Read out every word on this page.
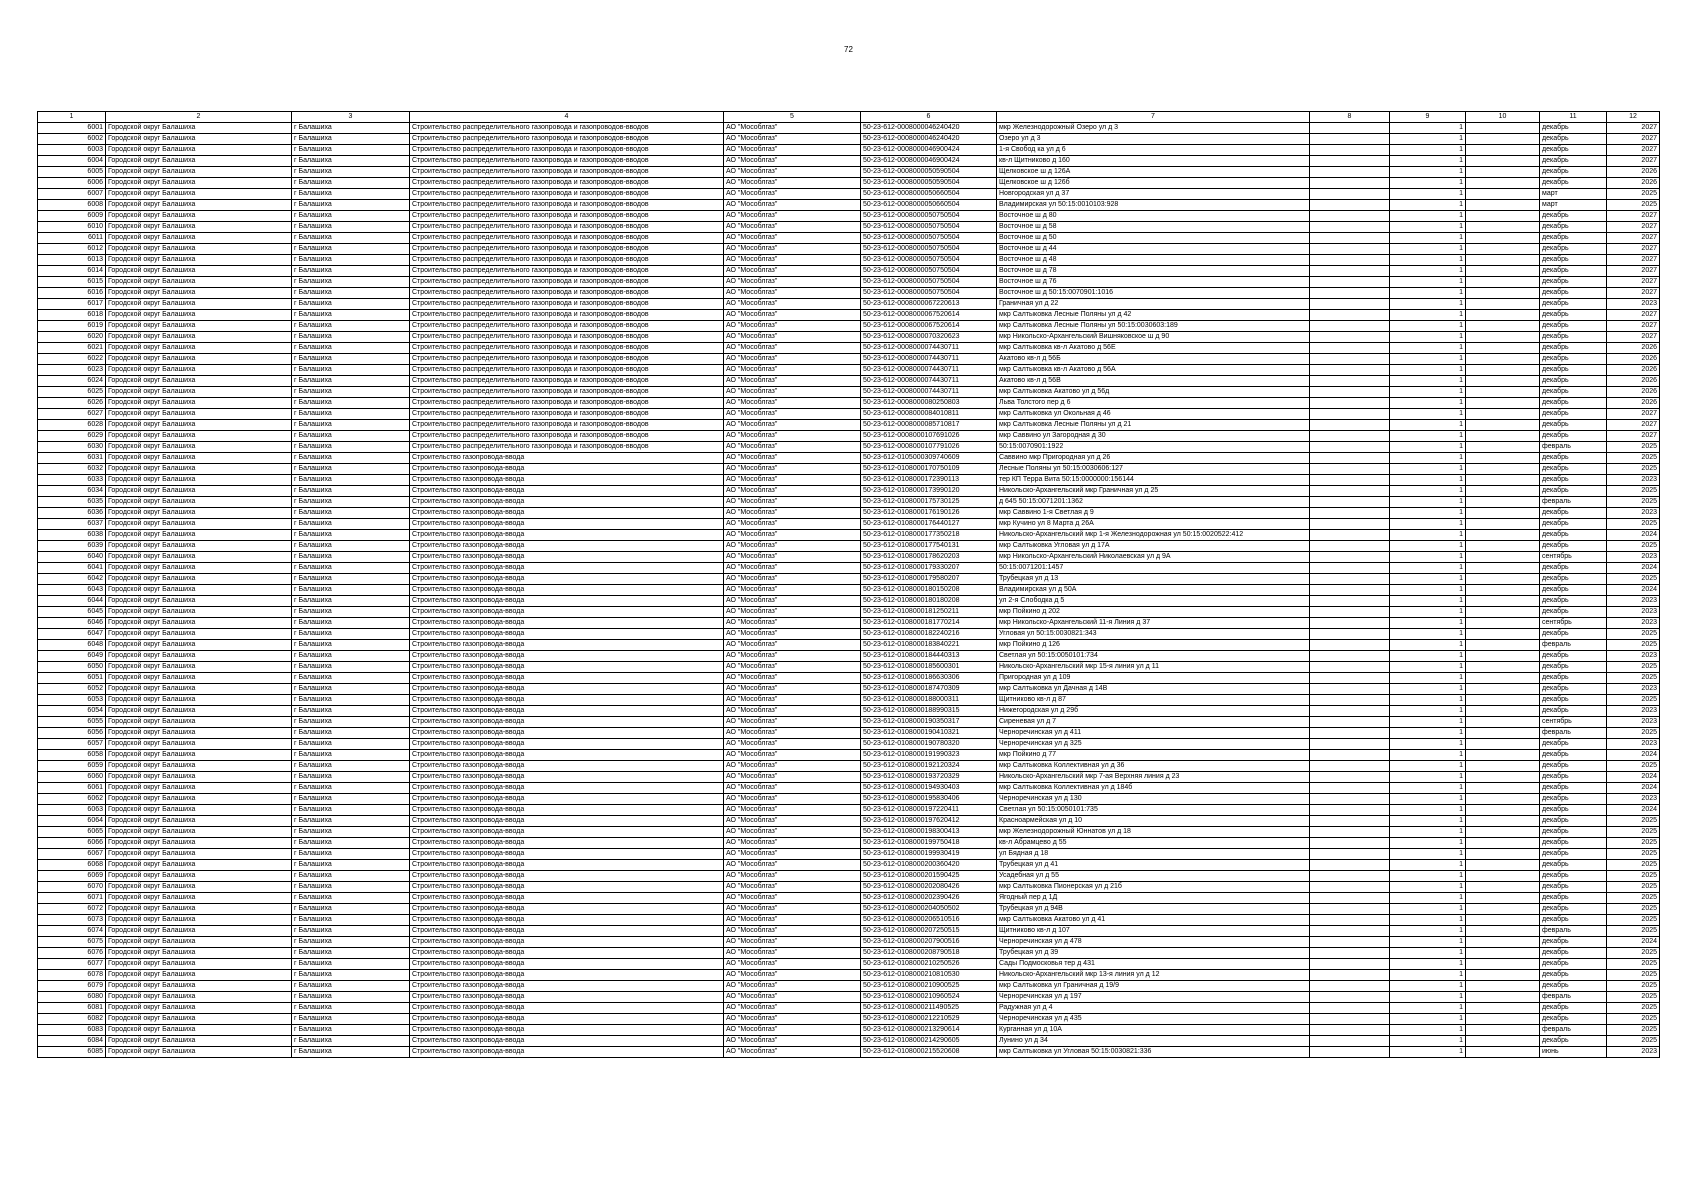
72
1	2	3	4	5	6	7	8	9	10	11	12
6001	Городской округ Балашиха	г Балашиха	Строительство распределительного газопровода и газопроводов-вводов	АО "Мособлгаз"	50-23-612-0008000046240420	мкр Железнодорожный Озеро ул д 3		1		декабрь	2027
6002	Городской округ Балашиха	г Балашиха	Строительство распределительного газопровода и газопроводов-вводов	АО "Мособлгаз"	50-23-612-0008000046240420	Озеро ул д 3		1		декабрь	2027
6003	Городской округ Балашиха	г Балашиха	Строительство распределительного газопровода и газопроводов-вводов	АО "Мособлгаз"	50-23-612-0008000046900424	1-я Свобод ка ул д 6		1		декабрь	2027
6004	Городской округ Балашиха	г Балашиха	Строительство распределительного газопровода и газопроводов-вводов	АО "Мособлгаз"	50-23-612-0008000046900424	кв-л Щитниково д 160		1		декабрь	2027
6005	Городской округ Балашиха	г Балашиха	Строительство распределительного газопровода и газопроводов-вводов	АО "Мособлгаз"	50-23-612-0008000050590504	Щелковское ш д 126А		1		декабрь	2026
6006	Городской округ Балашиха	г Балашиха	Строительство распределительного газопровода и газопроводов-вводов	АО "Мособлгаз"	50-23-612-0008000050590504	Щелковское ш д 126б		1		декабрь	2026
6007	Городской округ Балашиха	г Балашиха	Строительство распределительного газопровода и газопроводов-вводов	АО "Мособлгаз"	50-23-612-0008000050660504	Новгородская ул д 37		1		март	2025
6008	Городской округ Балашиха	г Балашиха	Строительство распределительного газопровода и газопроводов-вводов	АО "Мособлгаз"	50-23-612-0008000050660504	Владимирская ул 50:15:0010103:928		1		март	2025
6009	Городской округ Балашиха	г Балашиха	Строительство распределительного газопровода и газопроводов-вводов	АО "Мособлгаз"	50-23-612-0008000050750504	Восточное ш д 80		1		декабрь	2027
6010	Городской округ Балашиха	г Балашиха	Строительство распределительного газопровода и газопроводов-вводов	АО "Мособлгаз"	50-23-612-0008000050750504	Восточное ш д 58		1		декабрь	2027
6011	Городской округ Балашиха	г Балашиха	Строительство распределительного газопровода и газопроводов-вводов	АО "Мособлгаз"	50-23-612-0008000050750504	Восточное ш д 50		1		декабрь	2027
6012	Городской округ Балашиха	г Балашиха	Строительство распределительного газопровода и газопроводов-вводов	АО "Мособлгаз"	50-23-612-0008000050750504	Восточное ш д 44		1		декабрь	2027
6013	Городской округ Балашиха	г Балашиха	Строительство распределительного газопровода и газопроводов-вводов	АО "Мособлгаз"	50-23-612-0008000050750504	Восточное ш д 48		1		декабрь	2027
6014	Городской округ Балашиха	г Балашиха	Строительство распределительного газопровода и газопроводов-вводов	АО "Мособлгаз"	50-23-612-0008000050750504	Восточное ш д 78		1		декабрь	2027
6015	Городской округ Балашиха	г Балашиха	Строительство распределительного газопровода и газопроводов-вводов	АО "Мособлгаз"	50-23-612-0008000050750504	Восточное ш д 76		1		декабрь	2027
6016	Городской округ Балашиха	г Балашиха	Строительство распределительного газопровода и газопроводов-вводов	АО "Мособлгаз"	50-23-612-0008000050750504	Восточное ш д 50:15:0070901:1016		1		декабрь	2027
6017	Городской округ Балашиха	г Балашиха	Строительство распределительного газопровода и газопроводов-вводов	АО "Мособлгаз"	50-23-612-0008000067220613	Граничная ул д 22		1		декабрь	2023
6018	Городской округ Балашиха	г Балашиха	Строительство распределительного газопровода и газопроводов-вводов	АО "Мособлгаз"	50-23-612-0008000067520614	мкр Салтыковка Лесные Поляны ул д 42		1		декабрь	2027
6019	Городской округ Балашиха	г Балашиха	Строительство распределительного газопровода и газопроводов-вводов	АО "Мособлгаз"	50-23-612-0008000067520614	мкр Салтыковка Лесные Поляны ул 50:15:0030603:189		1		декабрь	2027
6020	Городской округ Балашиха	г Балашиха	Строительство распределительного газопровода и газопроводов-вводов	АО "Мособлгаз"	50-23-612-0008000070320623	мкр Никольско-Архангельский Вишняковское ш д 90		1		декабрь	2027
6021	Городской округ Балашиха	г Балашиха	Строительство распределительного газопровода и газопроводов-вводов	АО "Мособлгаз"	50-23-612-0008000074430711	мкр Салтыковка кв-л Акатово д 56Е		1		декабрь	2026
6022	Городской округ Балашиха	г Балашиха	Строительство распределительного газопровода и газопроводов-вводов	АО "Мособлгаз"	50-23-612-0008000074430711	Акатово кв-л д 56Б		1		декабрь	2026
6023	Городской округ Балашиха	г Балашиха	Строительство распределительного газопровода и газопроводов-вводов	АО "Мособлгаз"	50-23-612-0008000074430711	мкр Салтыковка кв-л Акатово д 56А		1		декабрь	2026
6024	Городской округ Балашиха	г Балашиха	Строительство распределительного газопровода и газопроводов-вводов	АО "Мособлгаз"	50-23-612-0008000074430711	Акатово кв-л д 56В		1		декабрь	2026
6025	Городской округ Балашиха	г Балашиха	Строительство распределительного газопровода и газопроводов-вводов	АО "Мособлгаз"	50-23-612-0008000074430711	мкр Салтыковка Акатово ул д 56д		1		декабрь	2026
6026	Городской округ Балашиха	г Балашиха	Строительство распределительного газопровода и газопроводов-вводов	АО "Мособлгаз"	50-23-612-0008000080250803	Льва Толстого пер д 6		1		декабрь	2026
6027	Городской округ Балашиха	г Балашиха	Строительство распределительного газопровода и газопроводов-вводов	АО "Мособлгаз"	50-23-612-0008000084010811	мкр Салтыковка ул Окольная д 46		1		декабрь	2027
6028	Городской округ Балашиха	г Балашиха	Строительство распределительного газопровода и газопроводов-вводов	АО "Мособлгаз"	50-23-612-0008000085710817	мкр Салтыковка Лесные Поляны ул д 21		1		декабрь	2027
6029	Городской округ Балашиха	г Балашиха	Строительство распределительного газопровода и газопроводов-вводов	АО "Мособлгаз"	50-23-612-0008000107691026	мкр Саввино ул Загородная д 30		1		декабрь	2027
6030	Городской округ Балашиха	г Балашиха	Строительство распределительного газопровода и газопроводов-вводов	АО "Мособлгаз"	50-23-612-0008000107791026	50:15:0070901:1922		1		февраль	2025
6031	Городской округ Балашиха	г Балашиха	Строительство газопровода-ввода	АО "Мособлгаз"	50-23-612-0105000309740609	Саввино мкр Пригородная ул д 26		1		декабрь	2025
6032	Городской округ Балашиха	г Балашиха	Строительство газопровода-ввода	АО "Мособлгаз"	50-23-612-0108000170750109	Лесные Поляны ул 50:15:0030606:127		1		декабрь	2025
6033	Городской округ Балашиха	г Балашиха	Строительство газопровода-ввода	АО "Мособлгаз"	50-23-612-0108000172390113	тер КП Терра Вита 50:15:0000000:156144		1		декабрь	2023
6034	Городской округ Балашиха	г Балашиха	Строительство газопровода-ввода	АО "Мособлгаз"	50-23-612-0108000173990120	Никольско-Архангельский мкр Граничная ул д 25		1		декабрь	2025
6035	Городской округ Балашиха	г Балашиха	Строительство газопровода-ввода	АО "Мособлгаз"	50-23-612-0108000175730125	д 645 50:15:0071201:1362		1		февраль	2025
6036	Городской округ Балашиха	г Балашиха	Строительство газопровода-ввода	АО "Мособлгаз"	50-23-612-0108000176190126	мкр Саввино 1-я Светлая д 9		1		декабрь	2023
6037	Городской округ Балашиха	г Балашиха	Строительство газопровода-ввода	АО "Мособлгаз"	50-23-612-0108000176440127	мкр Кучино ул 8 Марта д 26А		1		декабрь	2025
6038	Городской округ Балашиха	г Балашиха	Строительство газопровода-ввода	АО "Мособлгаз"	50-23-612-0108000177350218	Никольско-Архангельский мкр 1-я Железнодорожная ул 50:15:0020522:412		1		декабрь	2024
6039	Городской округ Балашиха	г Балашиха	Строительство газопровода-ввода	АО "Мособлгаз"	50-23-612-0108000177540131	мкр Салтыковка Угловая ул д 17А		1		декабрь	2025
6040	Городской округ Балашиха	г Балашиха	Строительство газопровода-ввода	АО "Мособлгаз"	50-23-612-0108000178620203	мкр Никольско-Архангельский Николаевская ул д 9А		1		сентябрь	2023
6041	Городской округ Балашиха	г Балашиха	Строительство газопровода-ввода	АО "Мособлгаз"	50-23-612-0108000179330207	50:15:0071201:1457		1		декабрь	2024
6042	Городской округ Балашиха	г Балашиха	Строительство газопровода-ввода	АО "Мособлгаз"	50-23-612-0108000179580207	Трубецкая ул д 13		1		декабрь	2025
6043	Городской округ Балашиха	г Балашиха	Строительство газопровода-ввода	АО "Мособлгаз"	50-23-612-0108000180150208	Владимирская ул д 50А		1		декабрь	2024
6044	Городской округ Балашиха	г Балашиха	Строительство газопровода-ввода	АО "Мособлгаз"	50-23-612-0108000180180208	ул 2-я Слободка д 5		1		декабрь	2023
6045	Городской округ Балашиха	г Балашиха	Строительство газопровода-ввода	АО "Мособлгаз"	50-23-612-0108000181250211	мкр Пойкино д 202		1		декабрь	2023
6046	Городской округ Балашиха	г Балашиха	Строительство газопровода-ввода	АО "Мособлгаз"	50-23-612-0108000181770214	мкр Никольско-Архангельский 11-я Линия д 37		1		сентябрь	2023
6047	Городской округ Балашиха	г Балашиха	Строительство газопровода-ввода	АО "Мособлгаз"	50-23-612-0108000182240216	Угловая ул 50:15:0030821:343		1		декабрь	2025
6048	Городской округ Балашиха	г Балашиха	Строительство газопровода-ввода	АО "Мособлгаз"	50-23-612-0108000183840221	мкр Пойкино д 126		1		февраль	2025
6049	Городской округ Балашиха	г Балашиха	Строительство газопровода-ввода	АО "Мособлгаз"	50-23-612-0108000184440313	Светлая ул 50:15:0050101:734		1		декабрь	2023
6050	Городской округ Балашиха	г Балашиха	Строительство газопровода-ввода	АО "Мособлгаз"	50-23-612-0108000185600301	Никольско-Архангельский мкр 15-я линия ул д 11		1		декабрь	2025
6051	Городской округ Балашиха	г Балашиха	Строительство газопровода-ввода	АО "Мособлгаз"	50-23-612-0108000186630306	Пригородная ул д 109		1		декабрь	2025
6052	Городской округ Балашиха	г Балашиха	Строительство газопровода-ввода	АО "Мособлгаз"	50-23-612-0108000187470309	мкр Салтыковка ул Дачная д 14В		1		декабрь	2023
6053	Городской округ Балашиха	г Балашиха	Строительство газопровода-ввода	АО "Мособлгаз"	50-23-612-0108000188000311	Щитниково кв-л д 87		1		декабрь	2025
6054	Городской округ Балашиха	г Балашиха	Строительство газопровода-ввода	АО "Мособлгаз"	50-23-612-0108000188990315	Нижегородская ул д 29б		1		декабрь	2023
6055	Городской округ Балашиха	г Балашиха	Строительство газопровода-ввода	АО "Мособлгаз"	50-23-612-0108000190350317	Сиреневая ул д 7		1		сентябрь	2023
6056	Городской округ Балашиха	г Балашиха	Строительство газопровода-ввода	АО "Мособлгаз"	50-23-612-0108000190410321	Черноречинская ул д 411		1		февраль	2025
6057	Городской округ Балашиха	г Балашиха	Строительство газопровода-ввода	АО "Мособлгаз"	50-23-612-0108000190780320	Черноречинская ул д 325		1		декабрь	2023
6058	Городской округ Балашиха	г Балашиха	Строительство газопровода-ввода	АО "Мособлгаз"	50-23-612-0108000191990323	мкр Пойкино д 77		1		декабрь	2024
6059	Городской округ Балашиха	г Балашиха	Строительство газопровода-ввода	АО "Мособлгаз"	50-23-612-0108000192120324	мкр Салтыковка Коллективная ул д 36		1		декабрь	2025
6060	Городской округ Балашиха	г Балашиха	Строительство газопровода-ввода	АО "Мособлгаз"	50-23-612-0108000193720329	Никольско-Архангельский мкр 7-ая Верхняя линия д 23		1		декабрь	2024
6061	Городской округ Балашиха	г Балашиха	Строительство газопровода-ввода	АО "Мособлгаз"	50-23-612-0108000194930403	мкр Салтыковка Коллективная ул д 184б		1		декабрь	2024
6062	Городской округ Балашиха	г Балашиха	Строительство газопровода-ввода	АО "Мособлгаз"	50-23-612-0108000195830406	Черноречинская ул д 130		1		декабрь	2023
6063	Городской округ Балашиха	г Балашиха	Строительство газопровода-ввода	АО "Мособлгаз"	50-23-612-0108000197220411	Светлая ул 50:15:0050101:735		1		декабрь	2024
6064	Городской округ Балашиха	г Балашиха	Строительство газопровода-ввода	АО "Мособлгаз"	50-23-612-0108000197620412	Красноармейская ул д 10		1		декабрь	2025
6065	Городской округ Балашиха	г Балашиха	Строительство газопровода-ввода	АО "Мособлгаз"	50-23-612-0108000198300413	мкр Железнодорожный Юннатов ул д 18		1		декабрь	2025
6066	Городской округ Балашиха	г Балашиха	Строительство газопровода-ввода	АО "Мособлгаз"	50-23-612-0108000199750418	кв-л Абрамцево д 55		1		декабрь	2025
6067	Городской округ Балашиха	г Балашиха	Строительство газопровода-ввода	АО "Мособлгаз"	50-23-612-0108000199930419	ул Бядная д 18		1		декабрь	2025
6068	Городской округ Балашиха	г Балашиха	Строительство газопровода-ввода	АО "Мособлгаз"	50-23-612-0108000200360420	Трубецкая ул д 41		1		декабрь	2025
6069	Городской округ Балашиха	г Балашиха	Строительство газопровода-ввода	АО "Мособлгаз"	50-23-612-0108000201590425	Усадебная ул д 55		1		декабрь	2025
6070	Городской округ Балашиха	г Балашиха	Строительство газопровода-ввода	АО "Мособлгаз"	50-23-612-0108000202080426	мкр Салтыковка Пионерская ул д 21б		1		декабрь	2025
6071	Городской округ Балашиха	г Балашиха	Строительство газопровода-ввода	АО "Мособлгаз"	50-23-612-0108000202390426	Ягодный пер д 1Д		1		декабрь	2025
6072	Городской округ Балашиха	г Балашиха	Строительство газопровода-ввода	АО "Мособлгаз"	50-23-612-0108000204050502	Трубецкая ул д 94В		1		декабрь	2025
6073	Городской округ Балашиха	г Балашиха	Строительство газопровода-ввода	АО "Мособлгаз"	50-23-612-0108000206510516	мкр Салтыковка Акатово ул д 41		1		декабрь	2025
6074	Городской округ Балашиха	г Балашиха	Строительство газопровода-ввода	АО "Мособлгаз"	50-23-612-0108000207250515	Щитниково кв-л д 107		1		февраль	2025
6075	Городской округ Балашиха	г Балашиха	Строительство газопровода-ввода	АО "Мособлгаз"	50-23-612-0108000207900516	Черноречинская ул д 478		1		декабрь	2024
6076	Городской округ Балашиха	г Балашиха	Строительство газопровода-ввода	АО "Мособлгаз"	50-23-612-0108000208790518	Трубецкая ул д 39		1		декабрь	2025
6077	Городской округ Балашиха	г Балашиха	Строительство газопровода-ввода	АО "Мособлгаз"	50-23-612-0108000210250526	Сады Подмосковья тер д 431		1		декабрь	2025
6078	Городской округ Балашиха	г Балашиха	Строительство газопровода-ввода	АО "Мособлгаз"	50-23-612-0108000210810530	Никольско-Архангельский мкр 13-я линия ул д 12		1		декабрь	2025
6079	Городской округ Балашиха	г Балашиха	Строительство газопровода-ввода	АО "Мособлгаз"	50-23-612-0108000210900525	мкр Салтыковка ул Граничная д 19/9		1		декабрь	2025
6080	Городской округ Балашиха	г Балашиха	Строительство газопровода-ввода	АО "Мособлгаз"	50-23-612-0108000210960524	Черноречинская ул д 197		1		февраль	2025
6081	Городской округ Балашиха	г Балашиха	Строительство газопровода-ввода	АО "Мособлгаз"	50-23-612-0108000211490525	Радужная ул д 4		1		декабрь	2025
6082	Городской округ Балашиха	г Балашиха	Строительство газопровода-ввода	АО "Мособлгаз"	50-23-612-0108000212210529	Черноречинская ул д 435		1		декабрь	2025
6083	Городской округ Балашиха	г Балашиха	Строительство газопровода-ввода	АО "Мособлгаз"	50-23-612-0108000213290614	Курганная ул д 10А		1		февраль	2025
6084	Городской округ Балашиха	г Балашиха	Строительство газопровода-ввода	АО "Мособлгаз"	50-23-612-0108000214290605	Лунино ул д 34		1		декабрь	2025
6085	Городской округ Балашиха	г Балашиха	Строительство газопровода-ввода	АО "Мособлгаз"	50-23-612-0108000215520608	мкр Салтыковка ул Угловая 50:15:0030821:336		1		июнь	2023
